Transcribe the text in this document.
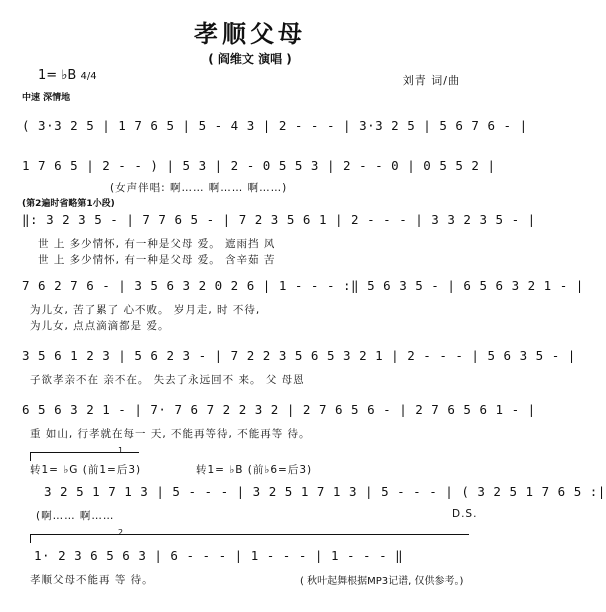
孝顺父母
( 阎维文 演唱 )
1= ♭B 4/4
中速 深情地
刘青 词/曲
( 3·3 2 5 | 1 7 6 5 | 5 - 4 3 | 2 - - - | 3·3 2 5 | 5 6 7 6 - |
1 7 6 5 | 2 - - ) | 5 3 | 2 - 0 5 5 3 | 2 - - 0 | 0 5 5 2 |
(女声伴唱: 啊…… 啊…… 啊……)
(第2遍时省略第1小段)
‖: 3 2 3 5 - | 7 7 6 5 - | 7 2 3 5 6 1 | 2 - - - | 3 3 2 3 5 - |
世 上 多少情怀, 有一种是父母 爱。 遮雨挡 风
世 上 多少情怀, 有一种是父母 爱。 含辛茹 苦
7 6 2 7 6 - | 3 5 6 3 2 0 2 6 | 1 - - - :‖ 5 6 3 5 - | 6 5 6 3 2 1 - |
为儿女, 苦了累了 心不败。 岁月走, 时 不待,
为儿女, 点点滴滴都是 爱。
3 5 6 1 2 3 | 5 6 2 3 - | 7 2 2 3 5 6 5 3 2 1 | 2 - - - | 5 6 3 5 - |
子欲孝亲不在 亲不在。 失去了永远回不 来。 父 母恩
6 5 6 3 2 1 - | 7· 7 6 7 2 2 3 2 | 2 7 6 5 6 - | 2 7 6 5 6 1 - |
重 如山, 行孝就在每一 天, 不能再等待, 不能再等 待。
1.
转1= ♭G (前1=后3)	转1= ♭B (前♭6=后3)
3 2 5 1 7 1 3 | 5 - - - | 3 2 5 1 7 1 3 | 5 - - - | ( 3 2 5 1 7 6 5 :|
(啊…… 啊……	D.S.
2.
1· 2 3 6 5 6 3 | 6 - - - | 1 - - - | 1 - - - ‖
孝顺父母不能再 等 待。	( 秋叶起舞根据MP3记谱, 仅供参考。)
